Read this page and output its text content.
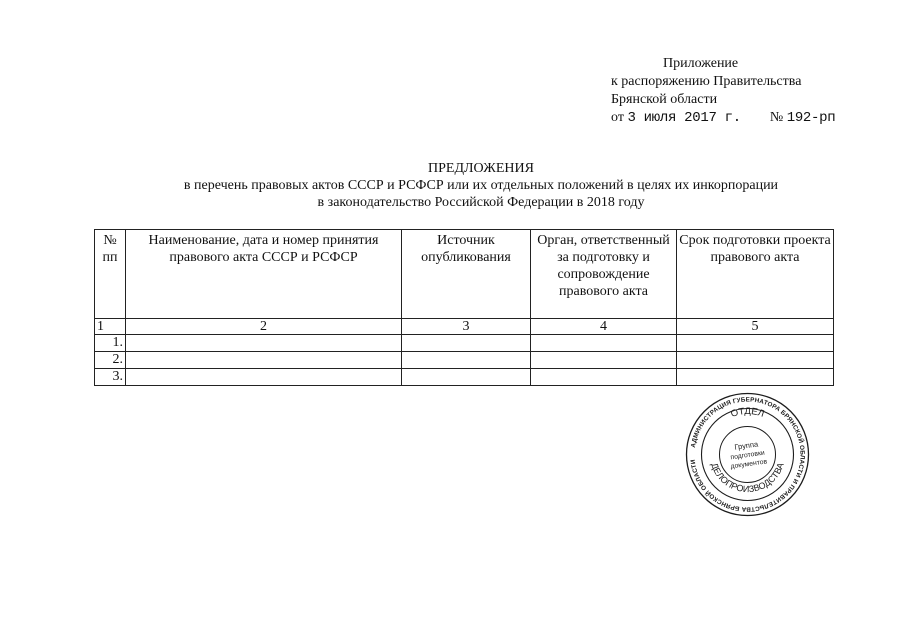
Приложение
к распоряжению Правительства
Брянской области
от 3 июля 2017 г. № 192-рп
ПРЕДЛОЖЕНИЯ
в перечень правовых актов СССР и РСФСР или их отдельных положений в целях их инкорпорации
в законодательство Российской Федерации в 2018 году
№ пп	Наименование, дата и номер принятия правового акта СССР и РСФСР	Источник опубликования	Орган, ответственный за подготовку и сопровождение правового акта	Срок подготовки проекта правового акта
1	2	3	4	5
1.				
2.				
3.				
АДМИНИСТРАЦИЯ ГУБЕРНАТОРА БРЯНСКОЙ ОБЛАСТИ И ПРАВИТЕЛЬСТВА БРЯНСКОЙ ОБЛАСТИ
ОТДЕЛ
ДЕЛОПРОИЗВОДСТВА
Группа
подготовки
документов
